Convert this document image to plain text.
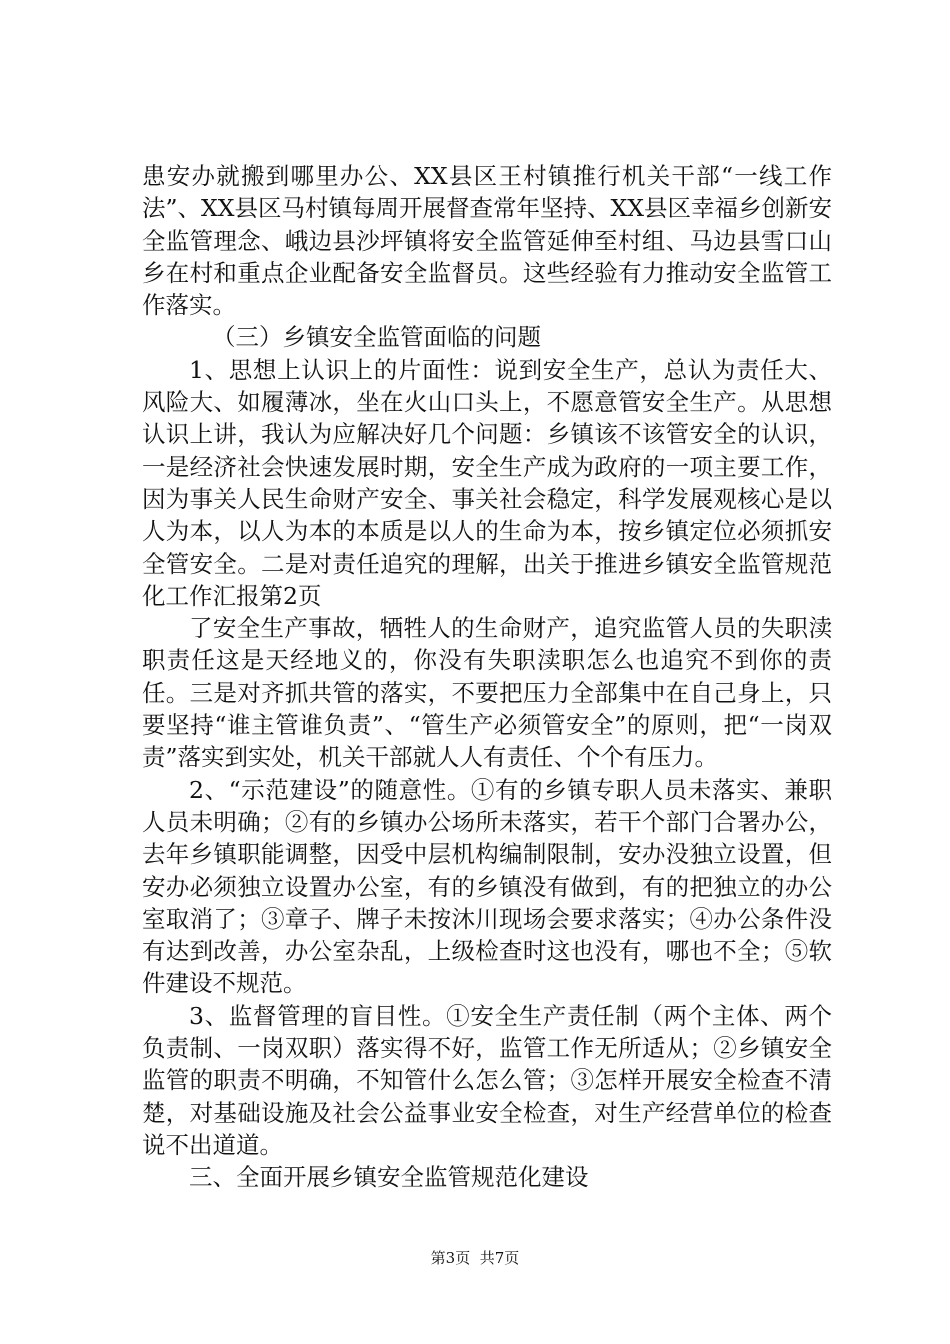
患安办就搬到哪里办公、XX县区王村镇推行机关干部“一线工作法”、XX县区马村镇每周开展督查常年坚持、XX县区幸福乡创新安全监管理念、峨边县沙坪镇将安全监管延伸至村组、马边县雪口山乡在村和重点企业配备安全监督员。这些经验有力推动安全监管工作落实。

（三）乡镇安全监管面临的问题

1、思想上认识上的片面性：说到安全生产，总认为责任大、风险大、如履薄冰，坐在火山口头上，不愿意管安全生产。从思想认识上讲，我认为应解决好几个问题：乡镇该不该管安全的认识，一是经济社会快速发展时期，安全生产成为政府的一项主要工作，因为事关人民生命财产安全、事关社会稳定，科学发展观核心是以人为本，以人为本的本质是以人的生命为本，按乡镇定位必须抓安全管安全。二是对责任追究的理解，出关于推进乡镇安全监管规范化工作汇报第2页

了安全生产事故，牺牲人的生命财产，追究监管人员的失职渎职责任这是天经地义的，你没有失职渎职怎么也追究不到你的责任。三是对齐抓共管的落实，不要把压力全部集中在自己身上，只要坚持“谁主管谁负责”、“管生产必须管安全”的原则，把“一岗双责”落实到实处，机关干部就人人有责任、个个有压力。

2、“示范建设”的随意性。①有的乡镇专职人员未落实、兼职人员未明确；②有的乡镇办公场所未落实，若干个部门合署办公，去年乡镇职能调整，因受中层机构编制限制，安办没独立设置，但安办必须独立设置办公室，有的乡镇没有做到，有的把独立的办公室取消了；③章子、牌子未按沐川现场会要求落实；④办公条件没有达到改善，办公室杂乱，上级检查时这也没有，哪也不全；⑤软件建设不规范。

3、监督管理的盲目性。①安全生产责任制（两个主体、两个负责制、一岗双职）落实得不好，监管工作无所适从；②乡镇安全监管的职责不明确，不知管什么怎么管；③怎样开展安全检查不清楚，对基础设施及社会公益事业安全检查，对生产经营单位的检查说不出道道。

三、全面开展乡镇安全监管规范化建设

第3页 共7页
